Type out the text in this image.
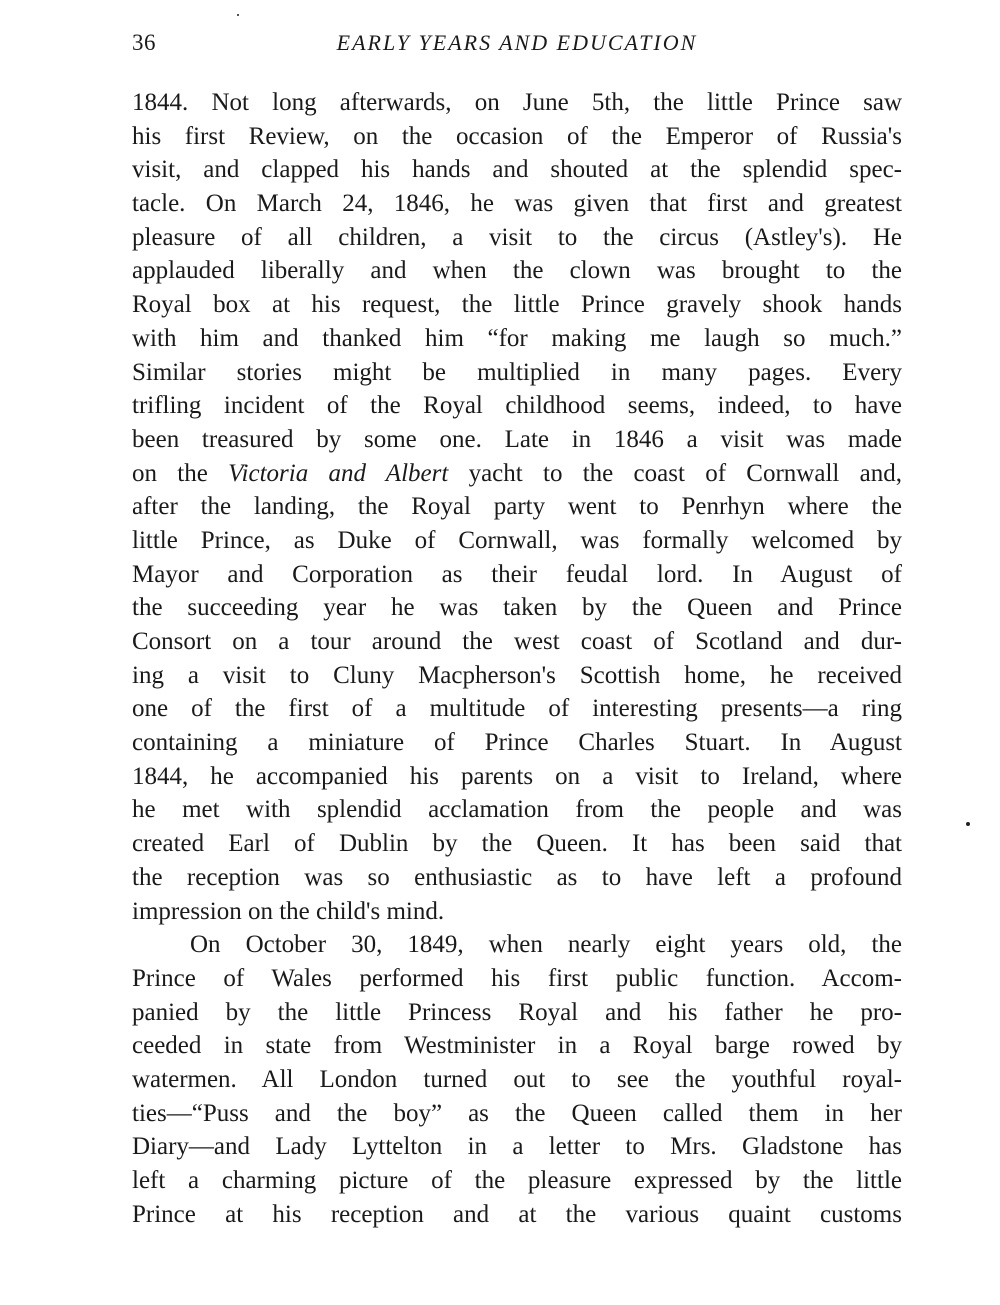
36	EARLY YEARS AND EDUCATION
1844. Not long afterwards, on June 5th, the little Prince saw
his first Review, on the occasion of the Emperor of Russia's
visit, and clapped his hands and shouted at the splendid spec-
tacle. On March 24, 1846, he was given that first and greatest
pleasure of all children, a visit to the circus (Astley's). He
applauded liberally and when the clown was brought to the
Royal box at his request, the little Prince gravely shook hands
with him and thanked him “for making me laugh so much.”
Similar stories might be multiplied in many pages. Every
trifling incident of the Royal childhood seems, indeed, to have
been treasured by some one. Late in 1846 a visit was made
on the Victoria and Albert yacht to the coast of Cornwall and,
after the landing, the Royal party went to Penrhyn where the
little Prince, as Duke of Cornwall, was formally welcomed by
Mayor and Corporation as their feudal lord. In August of
the succeeding year he was taken by the Queen and Prince
Consort on a tour around the west coast of Scotland and dur-
ing a visit to Cluny Macpherson's Scottish home, he received
one of the first of a multitude of interesting presents—a ring
containing a miniature of Prince Charles Stuart. In August
1844, he accompanied his parents on a visit to Ireland, where
he met with splendid acclamation from the people and was
created Earl of Dublin by the Queen. It has been said that
the reception was so enthusiastic as to have left a profound
impression on the child's mind.
On October 30, 1849, when nearly eight years old, the
Prince of Wales performed his first public function. Accom-
panied by the little Princess Royal and his father he pro-
ceeded in state from Westminister in a Royal barge rowed by
watermen. All London turned out to see the youthful royal-
ties—“Puss and the boy” as the Queen called them in her
Diary—and Lady Lyttelton in a letter to Mrs. Gladstone has
left a charming picture of the pleasure expressed by the little
Prince at his reception and at the various quaint customs
